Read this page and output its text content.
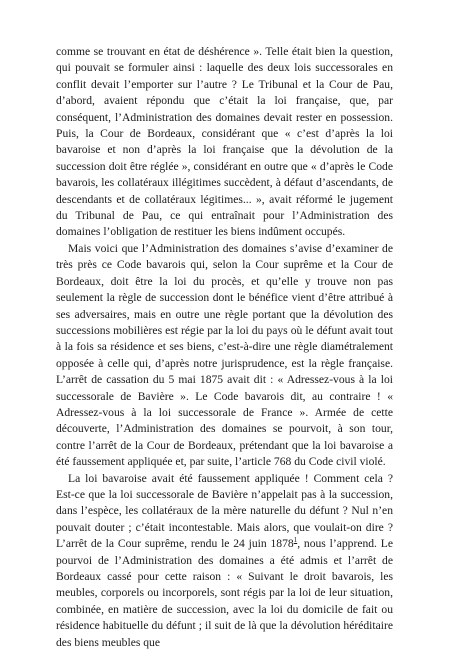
comme se trouvant en état de déshérence ». Telle était bien la question, qui pouvait se formuler ainsi : laquelle des deux lois successorales en conflit devait l’emporter sur l’autre ? Le Tribunal et la Cour de Pau, d’abord, avaient répondu que c’était la loi française, que, par conséquent, l’Administration des domaines devait rester en possession. Puis, la Cour de Bordeaux, considérant que « c’est d’après la loi bavaroise et non d’après la loi française que la dévolution de la succession doit être réglée », considérant en outre que « d’après le Code bavarois, les collatéraux illégitimes succèdent, à défaut d’ascendants, de descendants et de collatéraux légitimes... », avait réformé le jugement du Tribunal de Pau, ce qui entraînait pour l’Administration des domaines l’obligation de restituer les biens indûment occupés.

Mais voici que l’Administration des domaines s’avise d’examiner de très près ce Code bavarois qui, selon la Cour suprême et la Cour de Bordeaux, doit être la loi du procès, et qu’elle y trouve non pas seulement la règle de succession dont le bénéfice vient d’être attribué à ses adversaires, mais en outre une règle portant que la dévolution des successions mobilières est régie par la loi du pays où le défunt avait tout à la fois sa résidence et ses biens, c’est-à-dire une règle diamétralement opposée à celle qui, d’après notre jurisprudence, est la règle française. L’arrêt de cassation du 5 mai 1875 avait dit : « Adressez-vous à la loi successorale de Bavière ». Le Code bavarois dit, au contraire ! « Adressez-vous à la loi successorale de France ». Armée de cette découverte, l’Administration des domaines se pourvoit, à son tour, contre l’arrêt de la Cour de Bordeaux, prétendant que la loi bavaroise a été faussement appliquée et, par suite, l’article 768 du Code civil violé.

La loi bavaroise avait été faussement appliquée ! Comment cela ? Est-ce que la loi successorale de Bavière n’appelait pas à la succession, dans l’espèce, les collatéraux de la mère naturelle du défunt ? Nul n’en pouvait douter ; c’était incontestable. Mais alors, que voulait-on dire ? L’arrêt de la Cour suprême, rendu le 24 juin 1878$^1$, nous l’apprend. Le pourvoi de l’Administration des domaines a été admis et l’arrêt de Bordeaux cassé pour cette raison : « Suivant le droit bavarois, les meubles, corporels ou incorporels, sont régis par la loi de leur situation, combinée, en matière de succession, avec la loi du domicile de fait ou résidence habituelle du défunt ; il suit de là que la dévolution héréditaire des biens meubles que
